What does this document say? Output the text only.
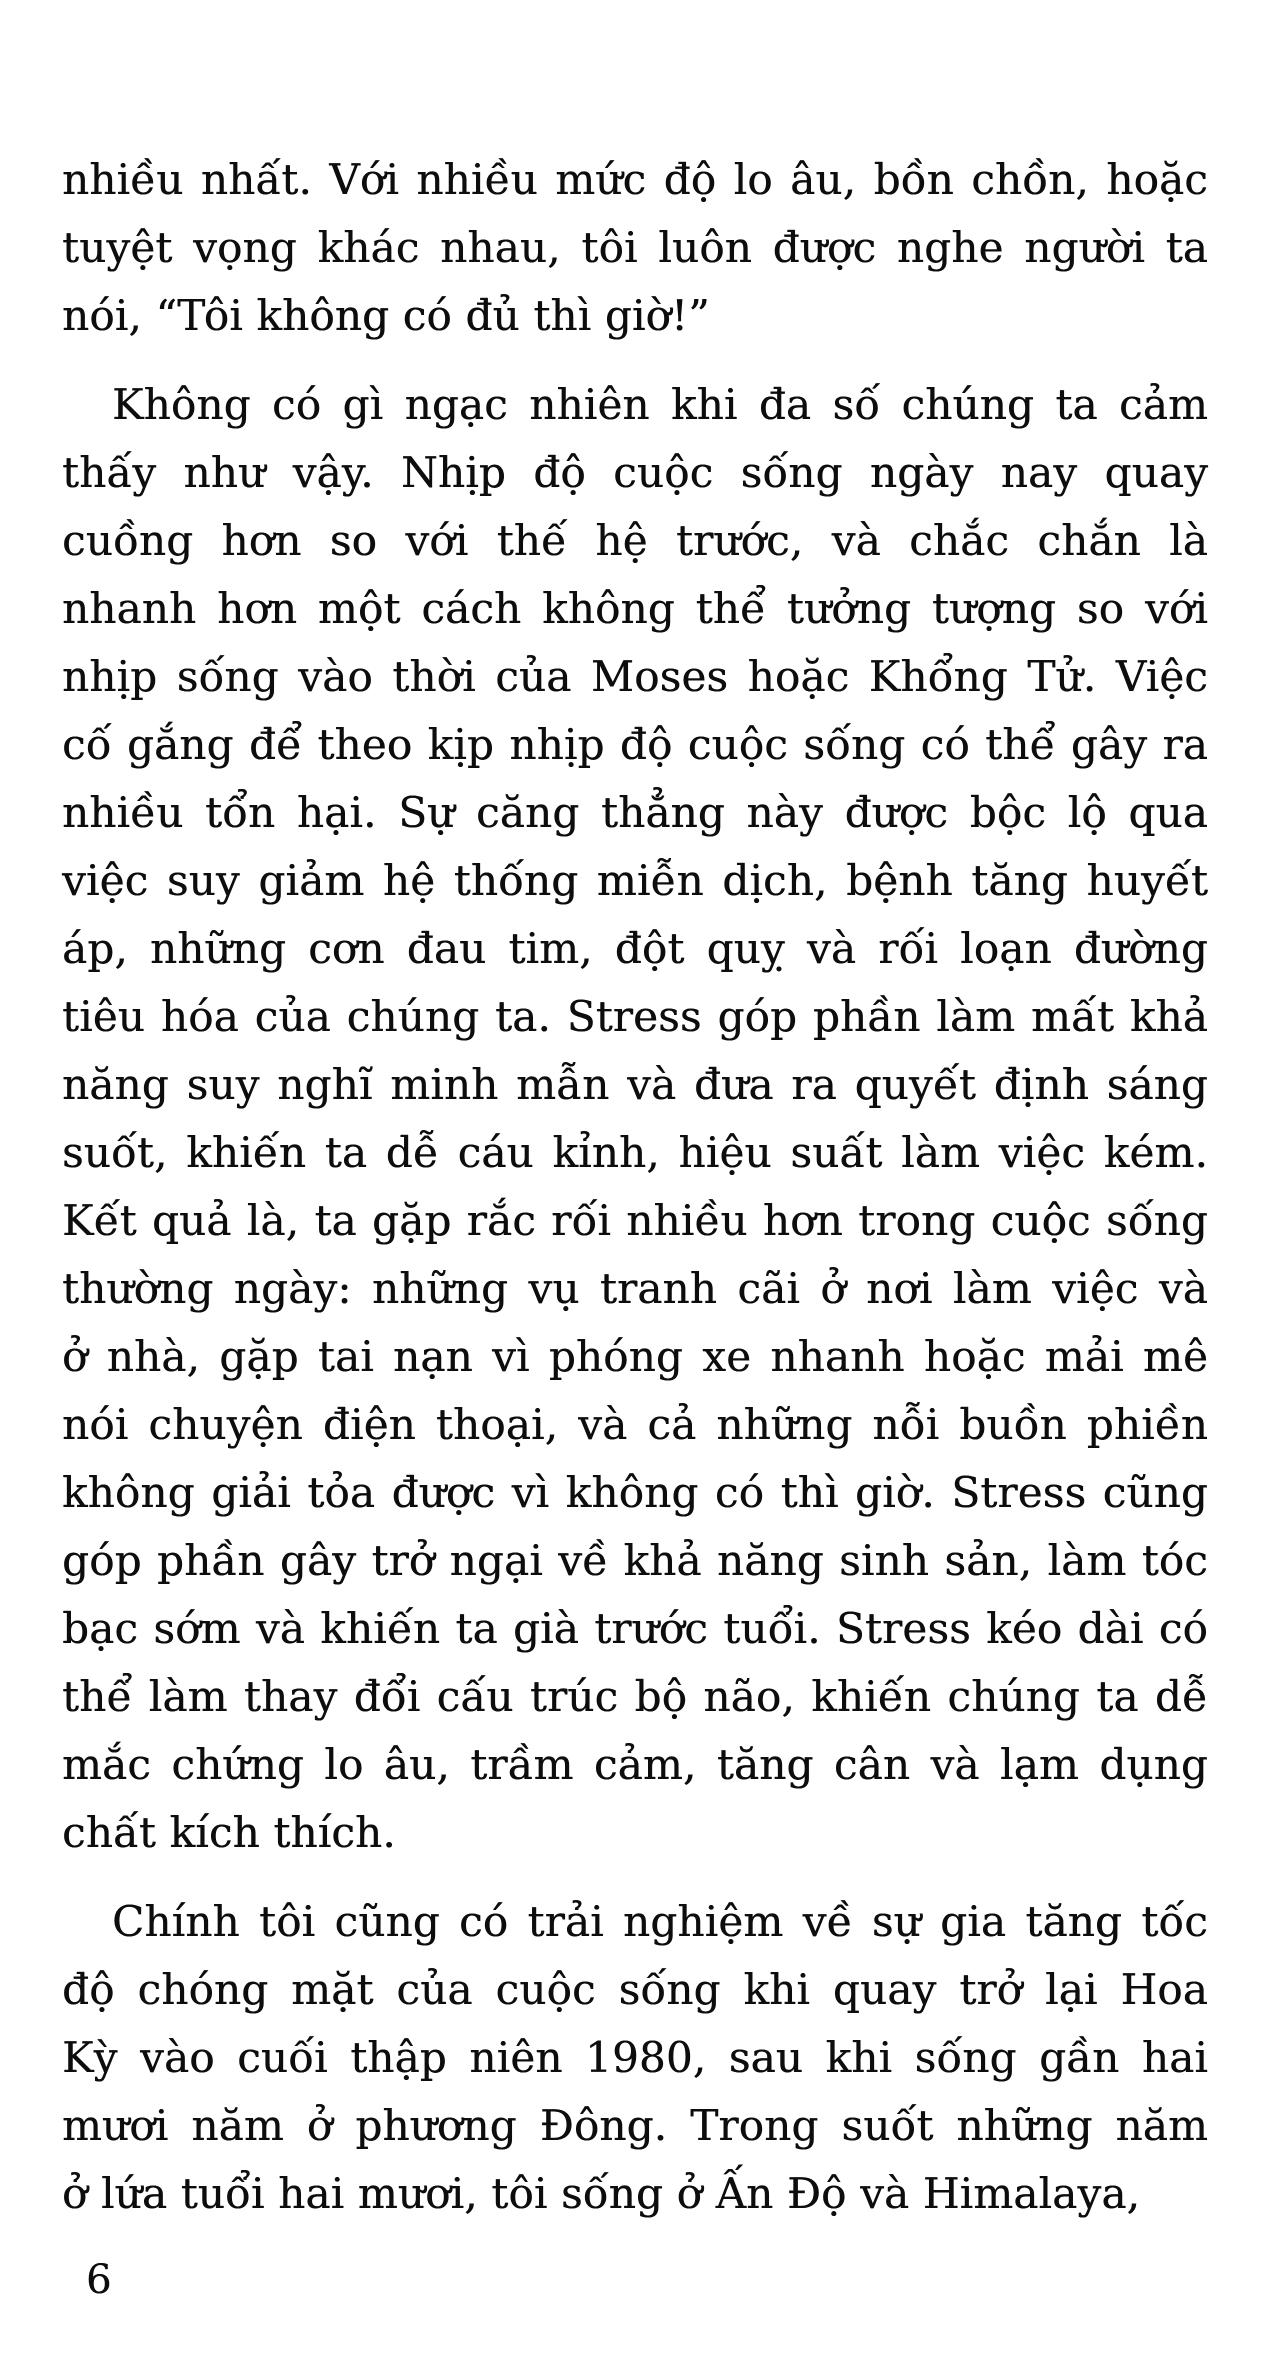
nhiều nhất. Với nhiều mức độ lo âu, bồn chồn, hoặc
tuyệt vọng khác nhau, tôi luôn được nghe người ta
nói, “Tôi không có đủ thì giờ!”
Không có gì ngạc nhiên khi đa số chúng ta cảm
thấy như vậy. Nhịp độ cuộc sống ngày nay quay
cuồng hơn so với thế hệ trước, và chắc chắn là
nhanh hơn một cách không thể tưởng tượng so với
nhịp sống vào thời của Moses hoặc Khổng Tử. Việc
cố gắng để theo kịp nhịp độ cuộc sống có thể gây ra
nhiều tổn hại. Sự căng thẳng này được bộc lộ qua
việc suy giảm hệ thống miễn dịch, bệnh tăng huyết
áp, những cơn đau tim, đột quỵ và rối loạn đường
tiêu hóa của chúng ta. Stress góp phần làm mất khả
năng suy nghĩ minh mẫn và đưa ra quyết định sáng
suốt, khiến ta dễ cáu kỉnh, hiệu suất làm việc kém.
Kết quả là, ta gặp rắc rối nhiều hơn trong cuộc sống
thường ngày: những vụ tranh cãi ở nơi làm việc và
ở nhà, gặp tai nạn vì phóng xe nhanh hoặc mải mê
nói chuyện điện thoại, và cả những nỗi buồn phiền
không giải tỏa được vì không có thì giờ. Stress cũng
góp phần gây trở ngại về khả năng sinh sản, làm tóc
bạc sớm và khiến ta già trước tuổi. Stress kéo dài có
thể làm thay đổi cấu trúc bộ não, khiến chúng ta dễ
mắc chứng lo âu, trầm cảm, tăng cân và lạm dụng
chất kích thích.
Chính tôi cũng có trải nghiệm về sự gia tăng tốc
độ chóng mặt của cuộc sống khi quay trở lại Hoa
Kỳ vào cuối thập niên 1980, sau khi sống gần hai
mươi năm ở phương Đông. Trong suốt những năm
ở lứa tuổi hai mươi, tôi sống ở Ấn Độ và Himalaya,
6
